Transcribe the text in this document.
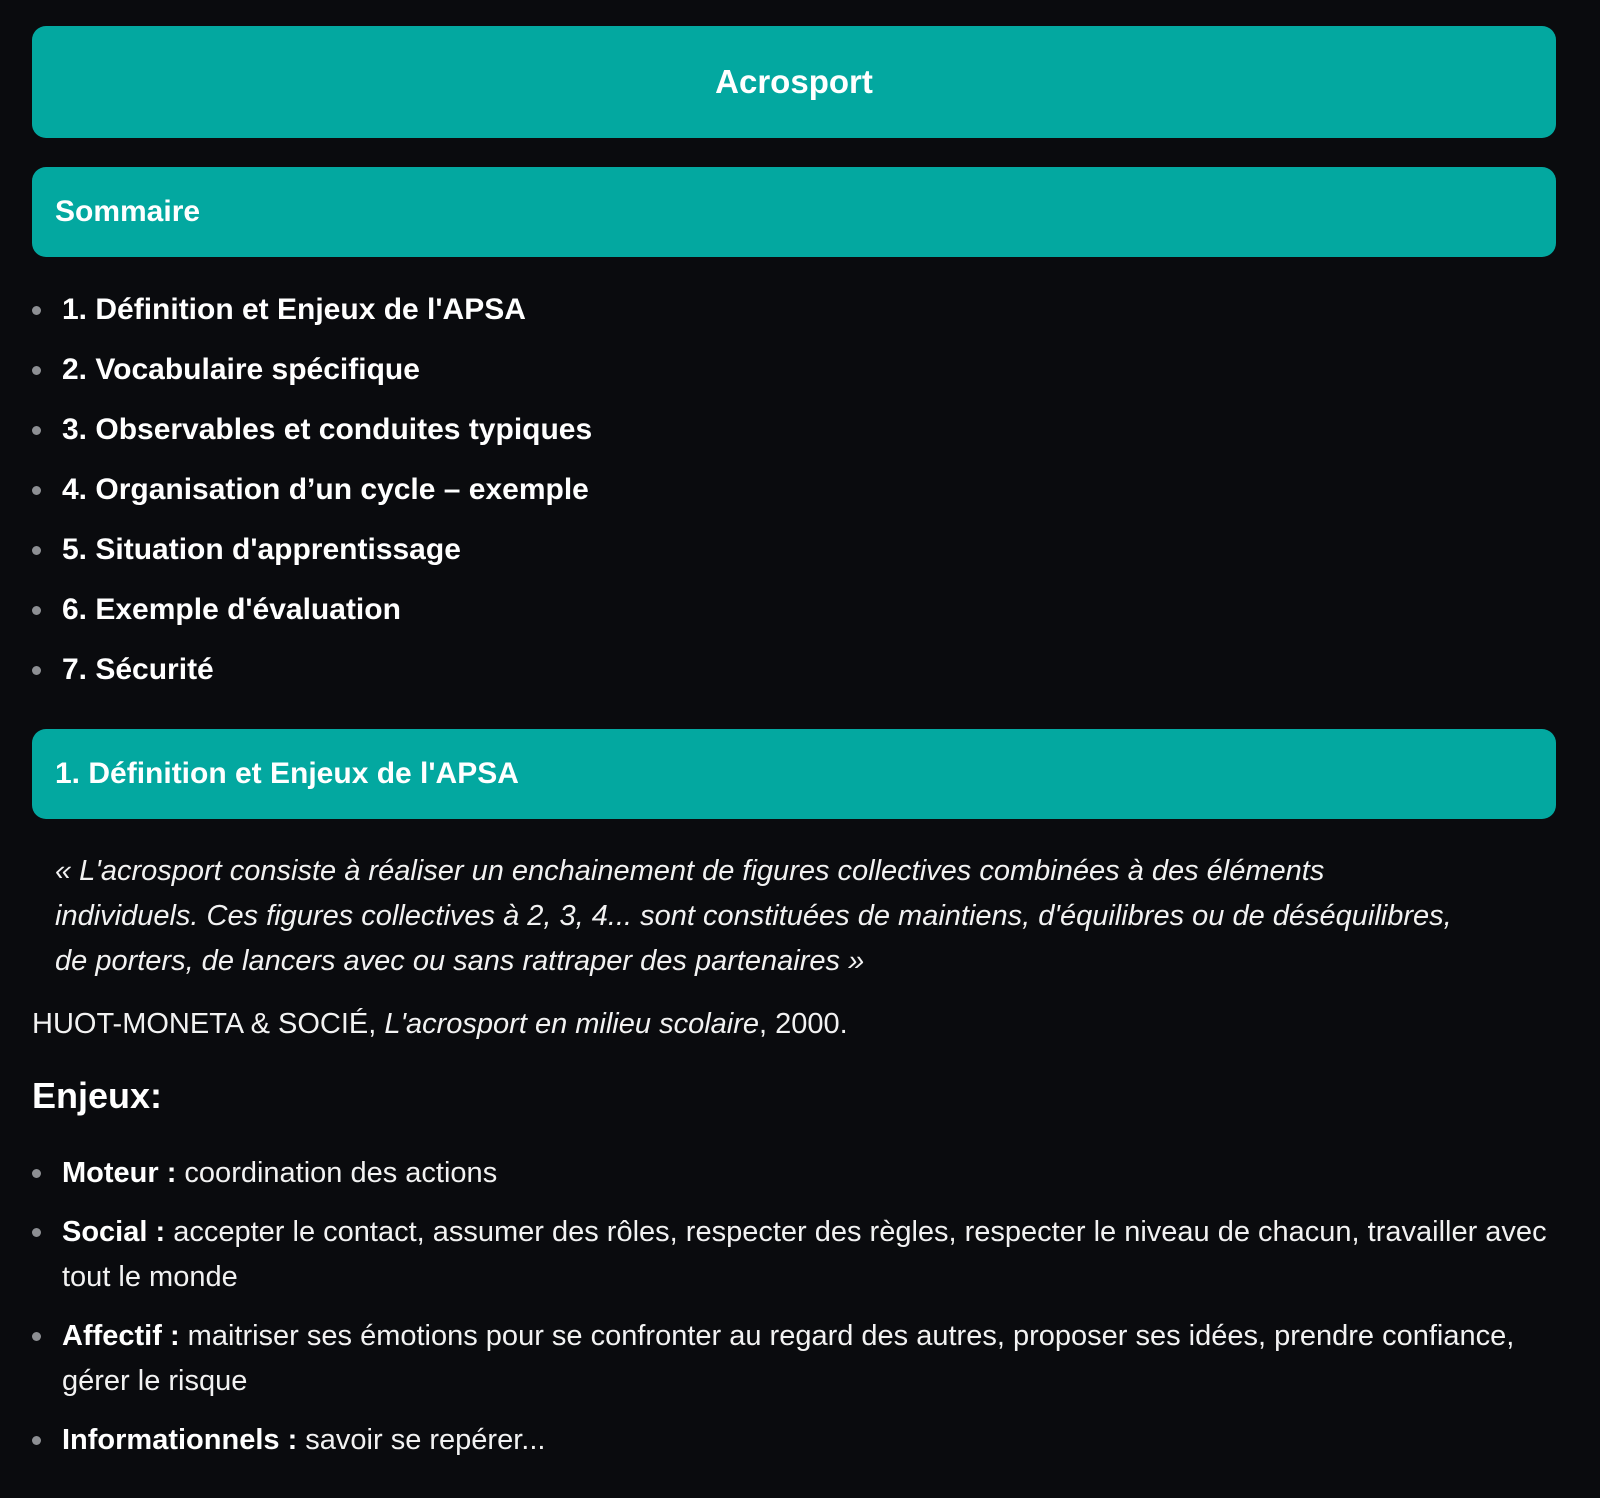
Acrosport
Sommaire
1. Définition et Enjeux de l'APSA
2. Vocabulaire spécifique
3. Observables et conduites typiques
4. Organisation d’un cycle – exemple
5. Situation d'apprentissage
6. Exemple d'évaluation
7. Sécurité
1. Définition et Enjeux de l'APSA
« L'acrosport consiste à réaliser un enchainement de figures collectives combinées à des éléments individuels. Ces figures collectives à 2, 3, 4... sont constituées de maintiens, d'équilibres ou de déséquilibres, de porters, de lancers avec ou sans rattraper des partenaires »
HUOT-MONETA & SOCIÉ, L'acrosport en milieu scolaire, 2000.
Enjeux:
Moteur : coordination des actions
Social : accepter le contact, assumer des rôles, respecter des règles, respecter le niveau de chacun, travailler avec tout le monde
Affectif : maitriser ses émotions pour se confronter au regard des autres, proposer ses idées, prendre confiance, gérer le risque
Informationnels : savoir se repérer...
